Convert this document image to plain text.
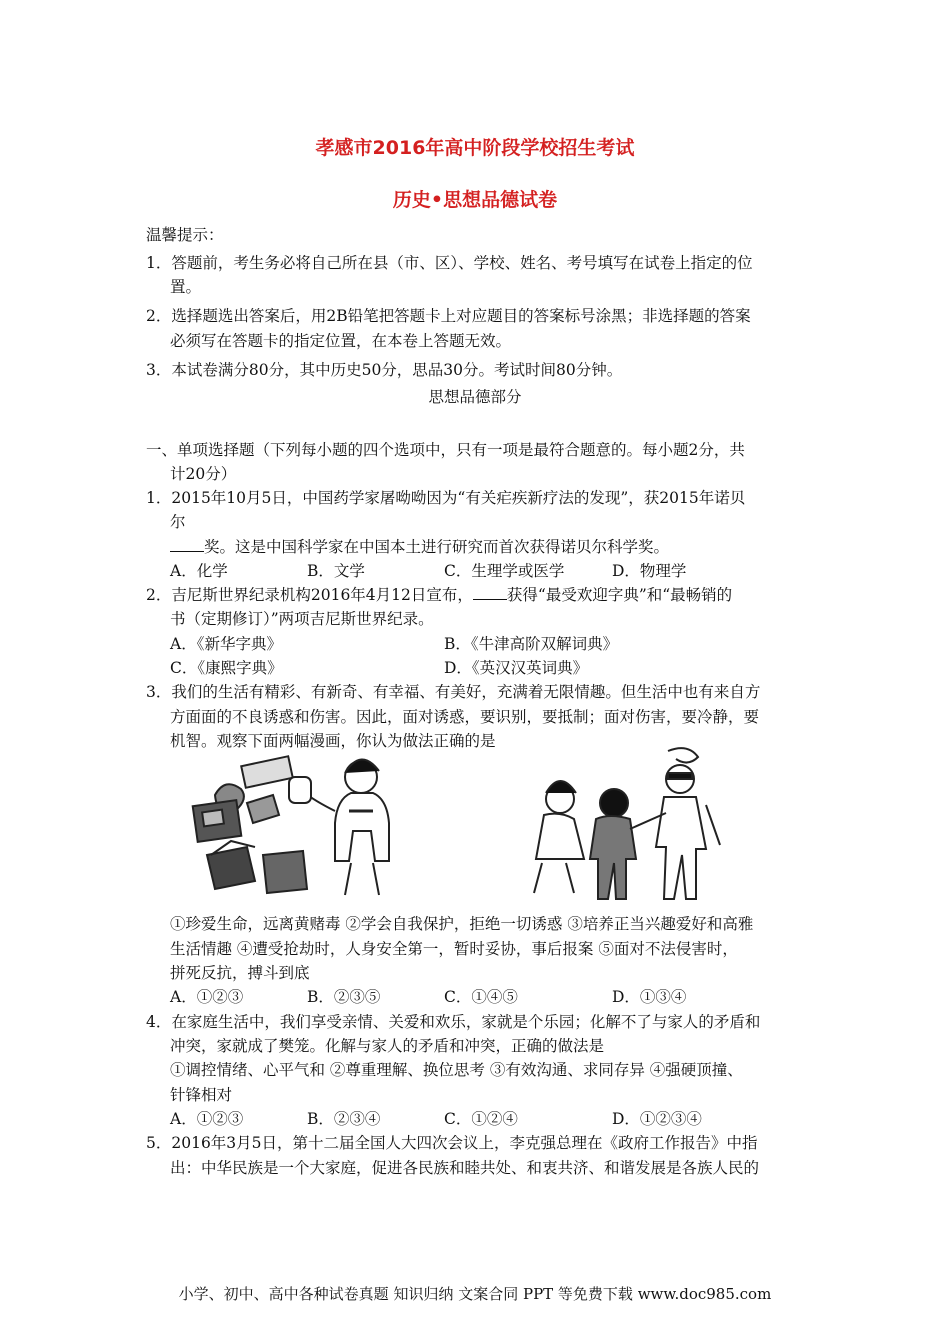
孝感市2016年高中阶段学校招生考试
历史•思想品德试卷
温馨提示：
1．答题前，考生务必将自己所在县（市、区）、学校、姓名、考号填写在试卷上指定的位
置。
2．选择题选出答案后，用2B铅笔把答题卡上对应题目的答案标号涂黑；非选择题的答案
必须写在答题卡的指定位置，在本卷上答题无效。
3．本试卷满分80分，其中历史50分，思品30分。考试时间80分钟。
思想品德部分
一、单项选择题（下列每小题的四个选项中，只有一项是最符合题意的。每小题2分，共
计20分）
1．2015年10月5日，中国药学家屠呦呦因为“有关疟疾新疗法的发现”，获2015年诺贝
尔
奖。这是中国科学家在中国本土进行研究而首次获得诺贝尔科学奖。
A．化学	B．文学	C．生理学或医学	D．物理学
2．吉尼斯世界纪录机构2016年4月12日宣布， 获得“最受欢迎字典”和“最畅销的
书（定期修订）”两项吉尼斯世界纪录。
A．《新华字典》	B．《牛津高阶双解词典》
C．《康熙字典》	D．《英汉汉英词典》
3．我们的生活有精彩、有新奇、有幸福、有美好，充满着无限情趣。但生活中也有来自方
方面面的不良诱惑和伤害。因此，面对诱惑，要识别，要抵制；面对伤害，要冷静，要
机智。观察下面两幅漫画，你认为做法正确的是
①珍爱生命，远离黄赌毒 ②学会自我保护，拒绝一切诱惑 ③培养正当兴趣爱好和高雅
生活情趣 ④遭受抢劫时，人身安全第一，暂时妥协，事后报案 ⑤面对不法侵害时，
拼死反抗，搏斗到底
A．①②③	B．②③⑤	C．①④⑤	D．①③④
4．在家庭生活中，我们享受亲情、关爱和欢乐，家就是个乐园；化解不了与家人的矛盾和
冲突，家就成了樊笼。化解与家人的矛盾和冲突，正确的做法是
①调控情绪、心平气和 ②尊重理解、换位思考 ③有效沟通、求同存异 ④强硬顶撞、
针锋相对
A．①②③	B．②③④	C．①②④	D．①②③④
5．2016年3月5日，第十二届全国人大四次会议上，李克强总理在《政府工作报告》中指
出：中华民族是一个大家庭，促进各民族和睦共处、和衷共济、和谐发展是各族人民的
小学、初中、高中各种试卷真题 知识归纳 文案合同 PPT 等免费下载 www.doc985.com
